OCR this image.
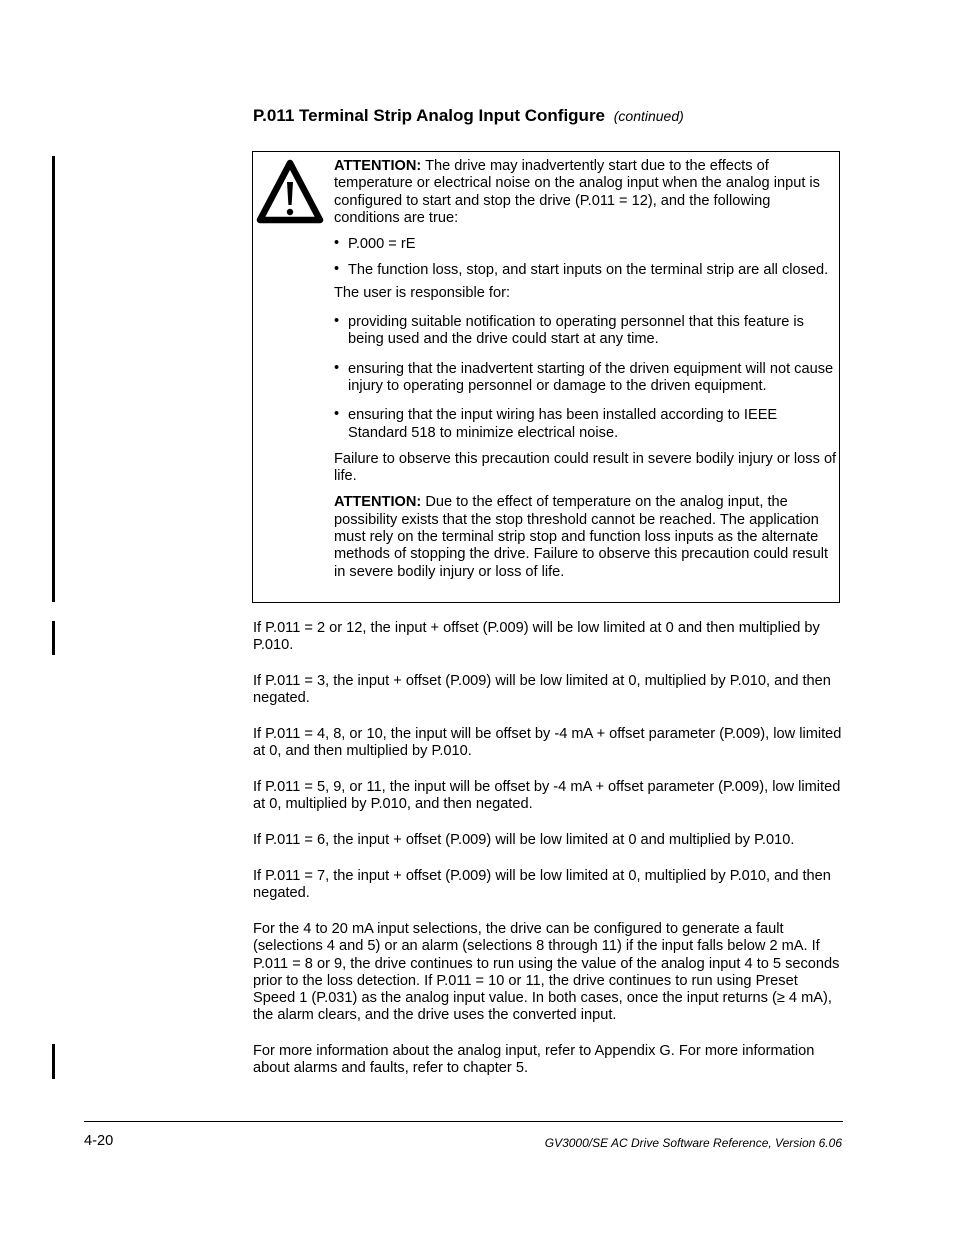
P.011 Terminal Strip Analog Input Configure (continued)

ATTENTION: The drive may inadvertently start due to the effects of temperature or electrical noise on the analog input when the analog input is configured to start and stop the drive (P.011 = 12), and the following conditions are true:

• P.000 = rE
• The function loss, stop, and start inputs on the terminal strip are all closed.

The user is responsible for:

• providing suitable notification to operating personnel that this feature is being used and the drive could start at any time.
• ensuring that the inadvertent starting of the driven equipment will not cause injury to operating personnel or damage to the driven equipment.
• ensuring that the input wiring has been installed according to IEEE Standard 518 to minimize electrical noise.

Failure to observe this precaution could result in severe bodily injury or loss of life.

ATTENTION: Due to the effect of temperature on the analog input, the possibility exists that the stop threshold cannot be reached. The application must rely on the terminal strip stop and function loss inputs as the alternate methods of stopping the drive. Failure to observe this precaution could result in severe bodily injury or loss of life.

If P.011 = 2 or 12, the input + offset (P.009) will be low limited at 0 and then multiplied by P.010.
If P.011 = 3, the input + offset (P.009) will be low limited at 0, multiplied by P.010, and then negated.
If P.011 = 4, 8, or 10, the input will be offset by -4 mA + offset parameter (P.009), low limited at 0, and then multiplied by P.010.
If P.011 = 5, 9, or 11, the input will be offset by -4 mA + offset parameter (P.009), low limited at 0, multiplied by P.010, and then negated.
If P.011 = 6, the input + offset (P.009) will be low limited at 0 and multiplied by P.010.
If P.011 = 7, the input + offset (P.009) will be low limited at 0, multiplied by P.010, and then negated.
For the 4 to 20 mA input selections, the drive can be configured to generate a fault (selections 4 and 5) or an alarm (selections 8 through 11) if the input falls below 2 mA. If P.011 = 8 or 9, the drive continues to run using the value of the analog input 4 to 5 seconds prior to the loss detection. If P.011 = 10 or 11, the drive continues to run using Preset Speed 1 (P.031) as the analog input value. In both cases, once the input returns (≥ 4 mA), the alarm clears, and the drive uses the converted input.
For more information about the analog input, refer to Appendix G. For more information about alarms and faults, refer to chapter 5.
4-20	GV3000/SE AC Drive Software Reference, Version 6.06
